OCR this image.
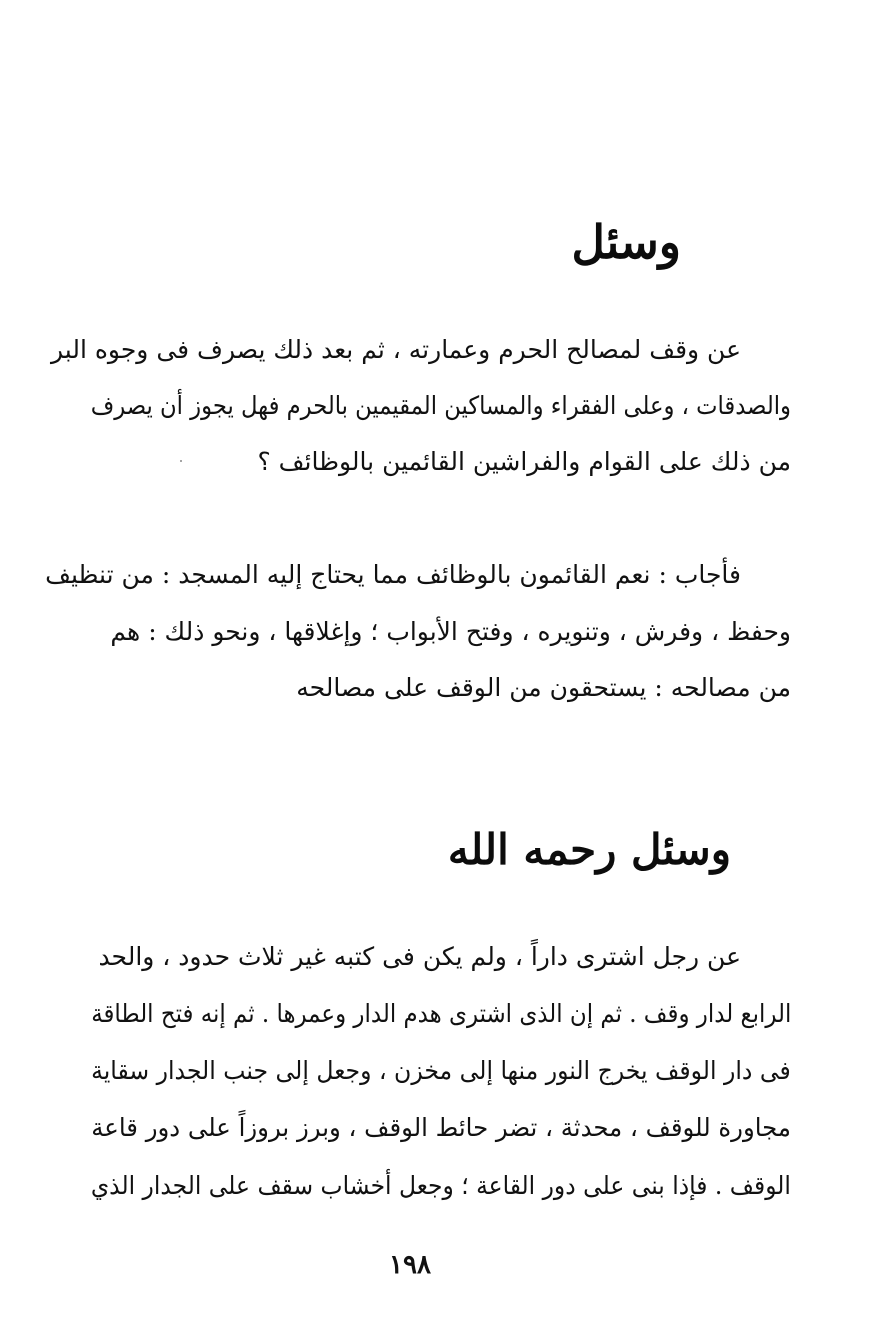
وسئل
عن وقف لمصالح الحرم وعمارته ، ثم بعد ذلك يصرف فى وجوه البر
والصدقات ، وعلى الفقراء والمساكين المقيمين بالحرم فهل يجوز أن يصرف
من ذلك على القوام والفراشين القائمين بالوظائف ؟
فأجاب : نعم القائمون بالوظائف مما يحتاج إليه المسجد : من تنظيف
وحفظ ، وفرش ، وتنويره ، وفتح الأبواب ؛ وإغلاقها ، ونحو ذلك : هم
من مصالحه : يستحقون من الوقف على مصالحه
وسئل رحمه الله
عن رجل اشترى داراً ، ولم يكن فى كتبه غير ثلاث حدود ، والحد
الرابع لدار وقف . ثم إن الذى اشترى هدم الدار وعمرها . ثم إنه فتح الطاقة
فى دار الوقف يخرج النور منها إلى مخزن ، وجعل إلى جنب الجدار سقاية
مجاورة للوقف ، محدثة ، تضر حائط الوقف ، وبرز بروزاً على دور قاعة
الوقف . فإذا بنى على دور القاعة ؛ وجعل أخشاب سقف على الجدار الذي
١٩٨
